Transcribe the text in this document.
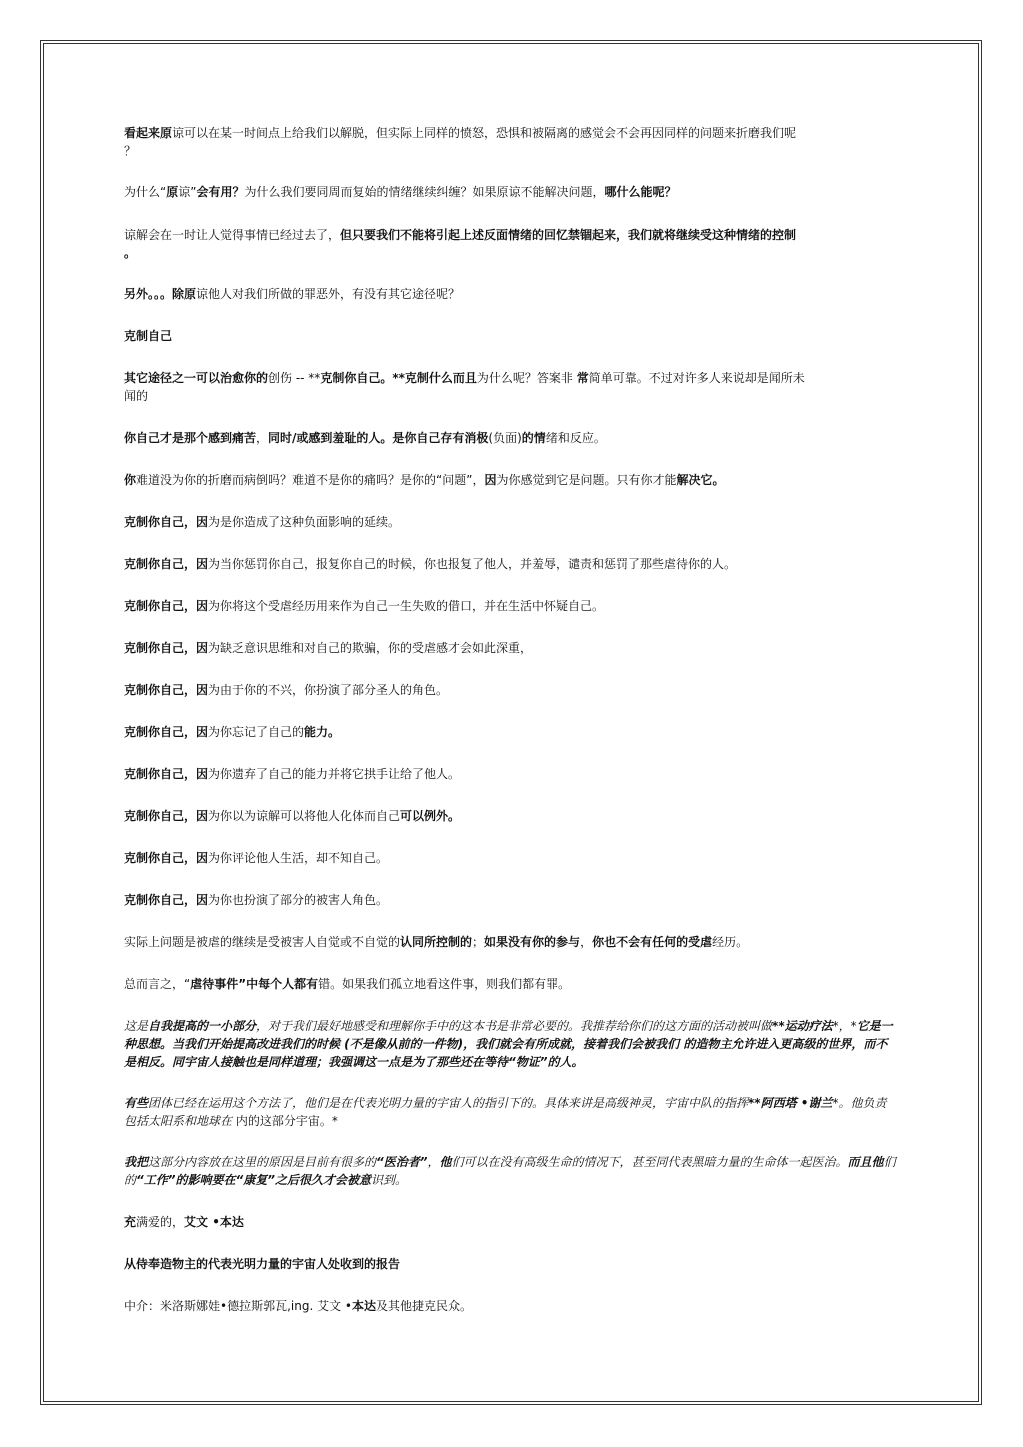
看起来原谅可以在某一时间点上给我们以解脱，但实际上同样的愤怒，恐惧和被隔离的感觉会不会再因同样的问题来折磨我们呢
？

为什么“原谅”会有用？为什么我们要同周而复始的情绪继续纠缠？如果原谅不能解决问题，哪什么能呢？

谅解会在一时让人觉得事情已经过去了，但只要我们不能将引起上述反面情绪的回忆禁锢起来，我们就将继续受这种情绪的控制
。

另外。。。除原谅他人对我们所做的罪恶外，有没有其它途径呢？

克制自己

其它途径之一可以治愈你的创伤 -- **克制你自己。**克制什么而且为什么呢？答案非 常简单可靠。不过对许多人来说却是闻所未
闻的

你自己才是那个感到痛苦，同时/或感到羞耻的人。是你自己存有消极(负面)的情绪和反应。

你难道没为你的折磨而病倒吗？难道不是你的痛吗？是你的“问题”，因为你感觉到它是问题。只有你才能解决它。

克制你自己，因为是你造成了这种负面影响的延续。

克制你自己，因为当你惩罚你自己，报复你自己的时候，你也报复了他人，并羞辱，谴责和惩罚了那些虐待你的人。

克制你自己，因为你将这个受虐经历用来作为自己一生失败的借口，并在生活中怀疑自己。

克制你自己，因为缺乏意识思维和对自己的欺骗，你的受虐感才会如此深重，

克制你自己，因为由于你的不兴，你扮演了部分圣人的角色。

克制你自己，因为你忘记了自己的能力。

克制你自己，因为你遗弃了自己的能力并将它拱手让给了他人。

克制你自己，因为你以为谅解可以将他人化体而自己可以例外。

克制你自己，因为你评论他人生活，却不知自己。

克制你自己，因为你也扮演了部分的被害人角色。

实际上问题是被虐的继续是受被害人自觉或不自觉的认同所控制的；如果没有你的参与，你也不会有任何的受虐经历。

总而言之，“虐待事件”中每个人都有错。如果我们孤立地看这件事，则我们都有罪。

这是自我提高的一小部分，对于我们最好地感受和理解你手中的这本书是非常必要的。我推荐给你们的这方面的活动被叫做**运动疗法*，*它是一种思想。当我们开始提高改进我们的时候 (不是像从前的一件物)，我们就会有所成就，接着我们会被我们 的造物主允许进入更高级的世界，而不是相反。同宇宙人接触也是同样道理；我强调这一点是为了那些还在等待“物证”的人。

有些团体已经在运用这个方法了，他们是在代表光明力量的宇宙人的指引下的。具体来讲是高级神灵，宇宙中队的指挥**阿西塔 •谢兰*。他负责包括太阳系和地球在 内的这部分宇宙。*

我把这部分内容放在这里的原因是目前有很多的“医治者”，他们可以在没有高级生命的情况下，甚至同代表黑暗力量的生命体一起医治。而且他们的“工作”的影响要在“康复”之后很久才会被意识到。

充满爱的，艾文 •本达

从侍奉造物主的代表光明力量的宇宙人处收到的报告

中介：米洛斯娜娃•德拉斯郭瓦,ing. 艾文 •本达及其他捷克民众。
